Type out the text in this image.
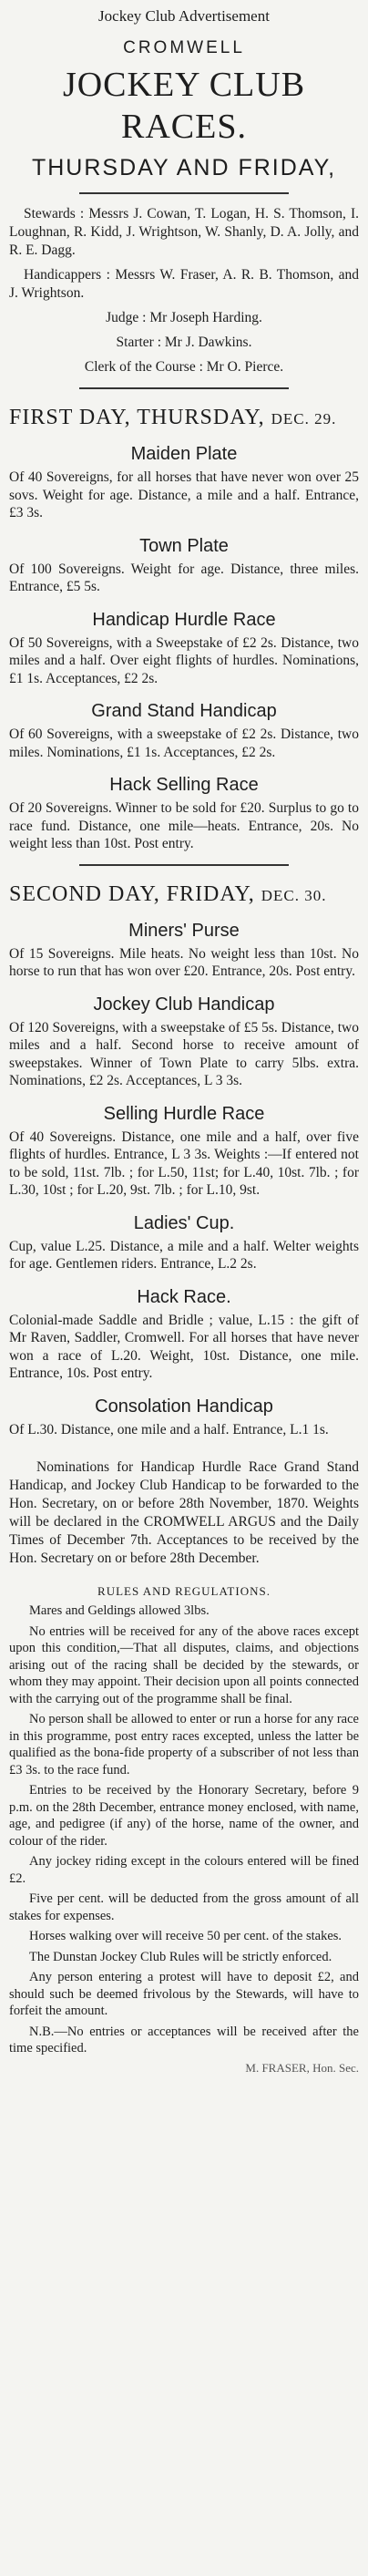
Jockey Club Advertisement
CROMWELL
JOCKEY CLUB RACES.
THURSDAY AND FRIDAY,

Stewards : Messrs J. Cowan, T. Logan, H. S. Thomson, I. Loughnan, R. Kidd, J. Wrightson, W. Shanly, D. A. Jolly, and R. E. Dagg.

Handicappers : Messrs W. Fraser, A. R. B. Thomson, and J. Wrightson.

Judge : Mr Joseph Harding.

Starter : Mr J. Dawkins.

Clerk of the Course : Mr O. Pierce.

FIRST DAY, THURSDAY, DEC. 29.
Maiden Plate

Of 40 Sovereigns, for all horses that have never won over 25 sovs. Weight for age. Distance, a mile and a half. Entrance, £3 3s.

Town Plate

Of 100 Sovereigns. Weight for age. Distance, three miles. Entrance, £5 5s.

Handicap Hurdle Race

Of 50 Sovereigns, with a Sweepstake of £2 2s. Distance, two miles and a half. Over eight flights of hurdles. Nominations, £1 1s. Acceptances, £2 2s.

Grand Stand Handicap

Of 60 Sovereigns, with a sweepstake of £2 2s. Distance, two miles. Nominations, £1 1s. Acceptances, £2 2s.

Hack Selling Race

Of 20 Sovereigns. Winner to be sold for £20. Surplus to go to race fund. Distance, one mile—heats. Entrance, 20s. No weight less than 10st. Post entry.

SECOND DAY, FRIDAY, DEC. 30.
Miners' Purse

Of 15 Sovereigns. Mile heats. No weight less than 10st. No horse to run that has won over £20. Entrance, 20s. Post entry.

Jockey Club Handicap

Of 120 Sovereigns, with a sweepstake of £5 5s. Distance, two miles and a half. Second horse to receive amount of sweepstakes. Winner of Town Plate to carry 5lbs. extra. Nominations, £2 2s. Acceptances, L 3 3s.

Selling Hurdle Race

Of 40 Sovereigns. Distance, one mile and a half, over five flights of hurdles. Entrance, L 3 3s. Weights :—If entered not to be sold, 11st. 7lb. ; for L.50, 11st; for L.40, 10st. 7lb. ; for L.30, 10st ; for L.20, 9st. 7lb. ; for L.10, 9st.

Ladies' Cup.

Cup, value L.25. Distance, a mile and a half. Welter weights for age. Gentlemen riders. Entrance, L.2 2s.

Hack Race.

Colonial-made Saddle and Bridle ; value, L.15 : the gift of Mr Raven, Saddler, Cromwell. For all horses that have never won a race of L.20. Weight, 10st. Distance, one mile. Entrance, 10s. Post entry.

Consolation Handicap

Of L.30. Distance, one mile and a half. Entrance, L.1 1s.

Nominations for Handicap Hurdle Race Grand Stand Handicap, and Jockey Club Handicap to be forwarded to the Hon. Secretary, on or before 28th November, 1870. Weights will be declared in the CROMWELL ARGUS and the Daily Times of December 7th. Acceptances to be received by the Hon. Secretary on or before 28th December.
RULES AND REGULATIONS.

Mares and Geldings allowed 3lbs.

No entries will be received for any of the above races except upon this condition,—That all disputes, claims, and objections arising out of the racing shall be decided by the stewards, or whom they may appoint. Their decision upon all points connected with the carrying out of the programme shall be final.

No person shall be allowed to enter or run a horse for any race in this programme, post entry races excepted, unless the latter be qualified as the bona-fide property of a subscriber of not less than £3 3s. to the race fund.

Entries to be received by the Honorary Secretary, before 9 p.m. on the 28th December, entrance money enclosed, with name, age, and pedigree (if any) of the horse, name of the owner, and colour of the rider.

Any jockey riding except in the colours entered will be fined £2.

Five per cent. will be deducted from the gross amount of all stakes for expenses.

Horses walking over will receive 50 per cent. of the stakes.

The Dunstan Jockey Club Rules will be strictly enforced.

Any person entering a protest will have to deposit £2, and should such be deemed frivolous by the Stewards, will have to forfeit the amount.

N.B.—No entries or acceptances will be received after the time specified.

M. FRASER, Hon. Sec.
